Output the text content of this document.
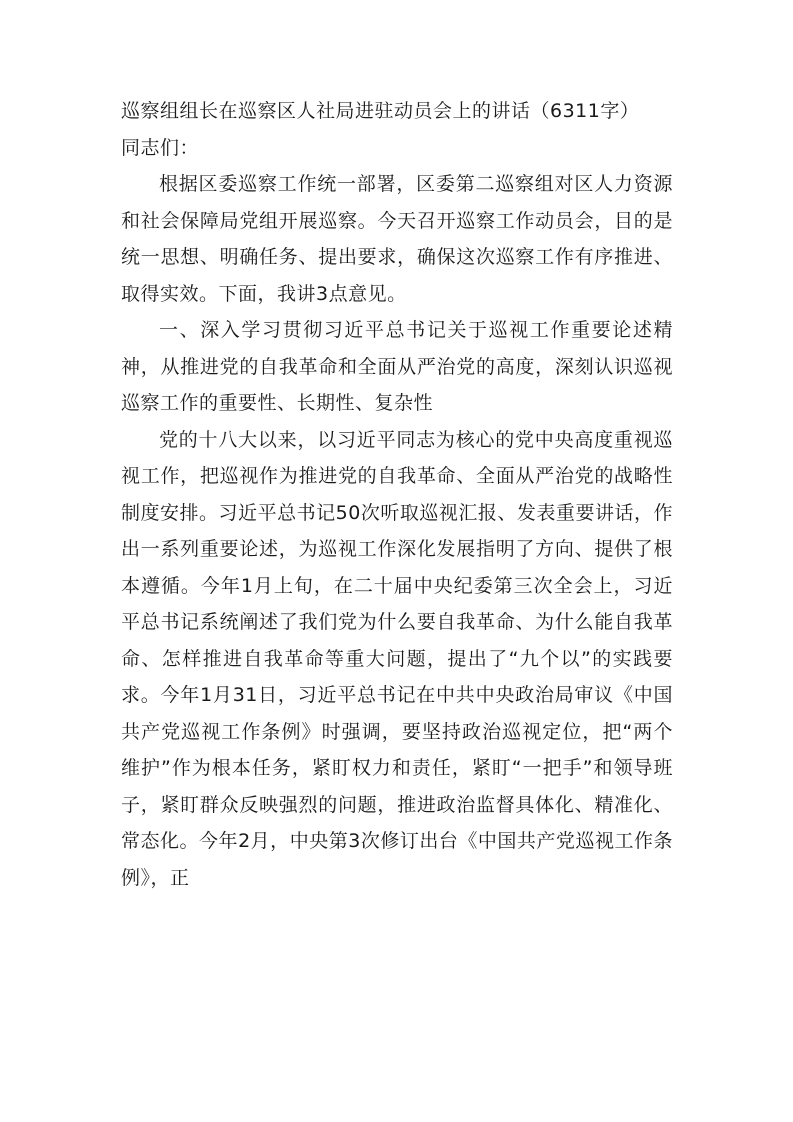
巡察组组长在巡察区人社局进驻动员会上的讲话（6311字）

同志们：

根据区委巡察工作统一部署，区委第二巡察组对区人力资源和社会保障局党组开展巡察。今天召开巡察工作动员会，目的是统一思想、明确任务、提出要求，确保这次巡察工作有序推进、取得实效。下面，我讲3点意见。

一、深入学习贯彻习近平总书记关于巡视工作重要论述精神，从推进党的自我革命和全面从严治党的高度，深刻认识巡视巡察工作的重要性、长期性、复杂性

党的十八大以来，以习近平同志为核心的党中央高度重视巡视工作，把巡视作为推进党的自我革命、全面从严治党的战略性制度安排。习近平总书记50次听取巡视汇报、发表重要讲话，作出一系列重要论述，为巡视工作深化发展指明了方向、提供了根本遵循。今年1月上旬，在二十届中央纪委第三次全会上，习近平总书记系统阐述了我们党为什么要自我革命、为什么能自我革命、怎样推进自我革命等重大问题，提出了“九个以”的实践要求。今年1月31日，习近平总书记在中共中央政治局审议《中国共产党巡视工作条例》时强调，要坚持政治巡视定位，把“两个维护”作为根本任务，紧盯权力和责任，紧盯“一把手”和领导班子，紧盯群众反映强烈的问题，推进政治监督具体化、精准化、常态化。今年2月，中央第3次修订出台《中国共产党巡视工作条例》，正
